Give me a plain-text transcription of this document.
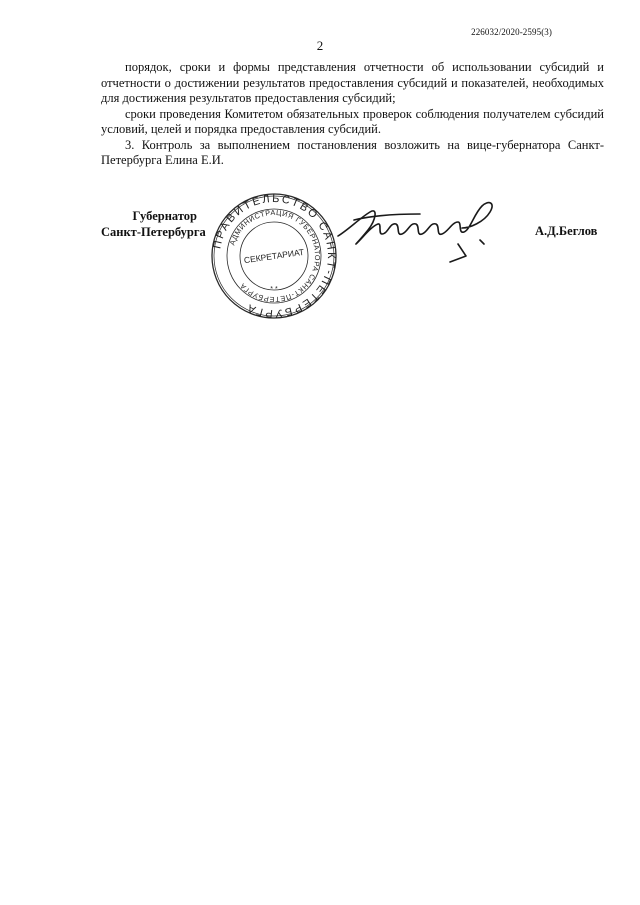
226032/2020-2595(3)
2

порядок, сроки и формы представления отчетности об использовании субсидий и отчетности о достижении результатов предоставления субсидий и показателей, необходимых для достижения результатов предоставления субсидий;

сроки проведения Комитетом обязательных проверок соблюдения получателем субсидий условий, целей и порядка предоставления субсидий.

3. Контроль за выполнением постановления возложить на вице-губернатора Санкт-Петербурга Елина Е.И.

Губернатор
Санкт-Петербурга
ПРАВИТЕЛЬСТВО САНКТ-ПЕТЕРБУРГА
АДМИНИСТРАЦИЯ ГУБЕРНАТОРА САНКТ-ПЕТЕРБУРГА
СЕКРЕТАРИАТ
* *
А.Д.Беглов
